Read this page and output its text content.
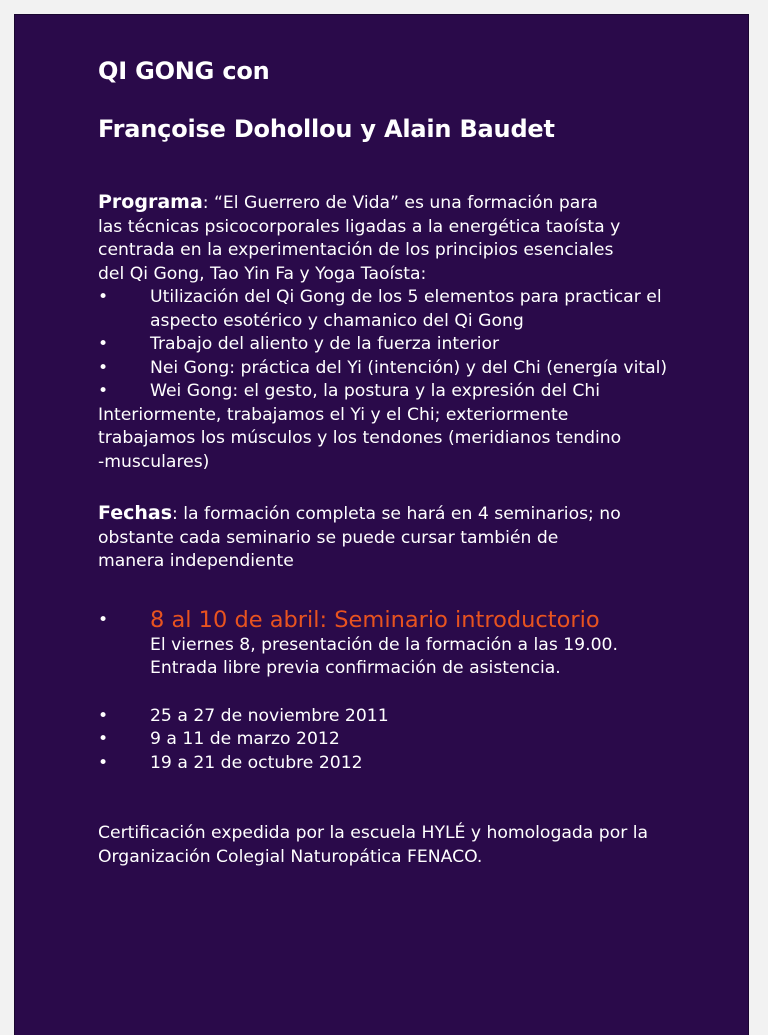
QI GONG con
Françoise Dohollou y Alain Baudet

Programa: “El Guerrero de Vida” es una formación para
las técnicas psicocorporales ligadas a la energética taoísta y
centrada en la experimentación de los principios esenciales
del Qi Gong, Tao Yin Fa y Yoga Taoísta:

•	Utilización del Qi Gong de los 5 elementos para practicar el aspecto esotérico y chamanico del Qi Gong
•	Trabajo del aliento y de la fuerza interior
•	Nei Gong: práctica del Yi (intención) y del Chi (energía vital)
•	Wei Gong: el gesto, la postura y la expresión del Chi

Interiormente, trabajamos el Yi y el Chi; exteriormente
trabajamos los músculos y los tendones (meridianos tendino
-musculares)

Fechas: la formación completa se hará en 4 seminarios; no
obstante cada seminario se puede cursar también de
manera independiente

• 8 al 10 de abril: Seminario introductorio
El viernes 8, presentación de la formación a las 19.00.
Entrada libre previa confirmación de asistencia.
•	25 a 27 de noviembre 2011
•	9 a 11 de marzo 2012
•	19 a 21 de octubre 2012

Certificación expedida por la escuela HYLÉ y homologada por la
Organización Colegial Naturopática FENACO.
